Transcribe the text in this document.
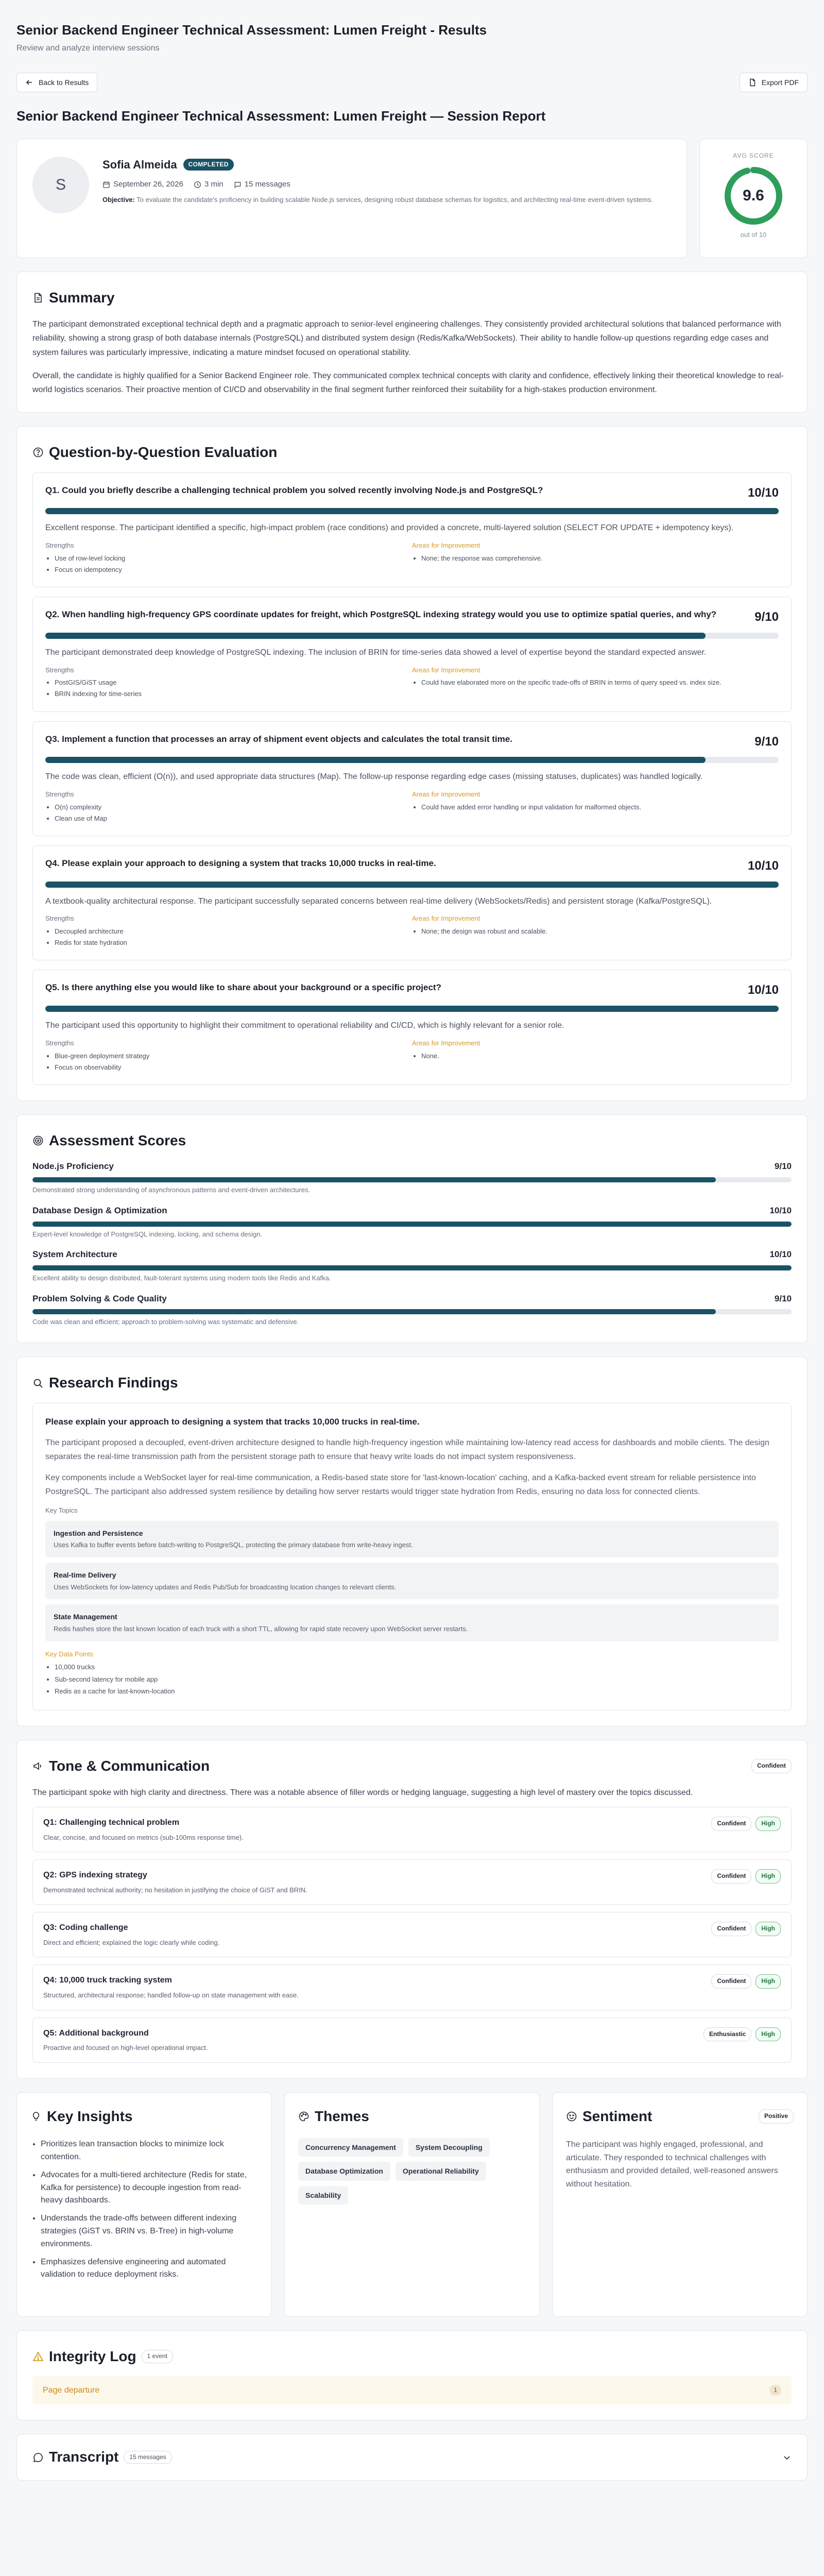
Senior Backend Engineer Technical Assessment: Lumen Freight - Results
Review and analyze interview sessions
Back to Results	Export PDF
Senior Backend Engineer Technical Assessment: Lumen Freight — Session Report
S
Sofia Almeida	COMPLETED
September 26, 2026	3 min	15 messages
Objective: To evaluate the candidate's proficiency in building scalable Node.js services, designing robust database schemas for logistics, and architecting real-time event-driven systems.
AVG SCORE
9.6
out of 10
Summary
The participant demonstrated exceptional technical depth and a pragmatic approach to senior-level engineering challenges. They consistently provided architectural solutions that balanced performance with reliability, showing a strong grasp of both database internals (PostgreSQL) and distributed system design (Redis/Kafka/WebSockets). Their ability to handle follow-up questions regarding edge cases and system failures was particularly impressive, indicating a mature mindset focused on operational stability.
Overall, the candidate is highly qualified for a Senior Backend Engineer role. They communicated complex technical concepts with clarity and confidence, effectively linking their theoretical knowledge to real-world logistics scenarios. Their proactive mention of CI/CD and observability in the final segment further reinforced their suitability for a high-stakes production environment.
Question-by-Question Evaluation
Q1. Could you briefly describe a challenging technical problem you solved recently involving Node.js and PostgreSQL?	10/10
Excellent response. The participant identified a specific, high-impact problem (race conditions) and provided a concrete, multi-layered solution (SELECT FOR UPDATE + idempotency keys).
Strengths
• Use of row-level locking
• Focus on idempotency
Areas for Improvement
• None; the response was comprehensive.
Q2. When handling high-frequency GPS coordinate updates for freight, which PostgreSQL indexing strategy would you use to optimize spatial queries, and why?	9/10
The participant demonstrated deep knowledge of PostgreSQL indexing. The inclusion of BRIN for time-series data showed a level of expertise beyond the standard expected answer.
Strengths
• PostGIS/GiST usage
• BRIN indexing for time-series
Areas for Improvement
• Could have elaborated more on the specific trade-offs of BRIN in terms of query speed vs. index size.
Q3. Implement a function that processes an array of shipment event objects and calculates the total transit time.	9/10
The code was clean, efficient (O(n)), and used appropriate data structures (Map). The follow-up response regarding edge cases (missing statuses, duplicates) was handled logically.
Strengths
• O(n) complexity
• Clean use of Map
Areas for Improvement
• Could have added error handling or input validation for malformed objects.
Q4. Please explain your approach to designing a system that tracks 10,000 trucks in real-time.	10/10
A textbook-quality architectural response. The participant successfully separated concerns between real-time delivery (WebSockets/Redis) and persistent storage (Kafka/PostgreSQL).
Strengths
• Decoupled architecture
• Redis for state hydration
Areas for Improvement
• None; the design was robust and scalable.
Q5. Is there anything else you would like to share about your background or a specific project?	10/10
The participant used this opportunity to highlight their commitment to operational reliability and CI/CD, which is highly relevant for a senior role.
Strengths
• Blue-green deployment strategy
• Focus on observability
Areas for Improvement
• None.
Assessment Scores
Node.js Proficiency	9/10
Demonstrated strong understanding of asynchronous patterns and event-driven architectures.
Database Design & Optimization	10/10
Expert-level knowledge of PostgreSQL indexing, locking, and schema design.
System Architecture	10/10
Excellent ability to design distributed, fault-tolerant systems using modern tools like Redis and Kafka.
Problem Solving & Code Quality	9/10
Code was clean and efficient; approach to problem-solving was systematic and defensive.
Research Findings
Please explain your approach to designing a system that tracks 10,000 trucks in real-time.
The participant proposed a decoupled, event-driven architecture designed to handle high-frequency ingestion while maintaining low-latency read access for dashboards and mobile clients. The design separates the real-time transmission path from the persistent storage path to ensure that heavy write loads do not impact system responsiveness.
Key components include a WebSocket layer for real-time communication, a Redis-based state store for 'last-known-location' caching, and a Kafka-backed event stream for reliable persistence into PostgreSQL. The participant also addressed system resilience by detailing how server restarts would trigger state hydration from Redis, ensuring no data loss for connected clients.
Key Topics
Ingestion and Persistence
Uses Kafka to buffer events before batch-writing to PostgreSQL, protecting the primary database from write-heavy ingest.
Real-time Delivery
Uses WebSockets for low-latency updates and Redis Pub/Sub for broadcasting location changes to relevant clients.
State Management
Redis hashes store the last known location of each truck with a short TTL, allowing for rapid state recovery upon WebSocket server restarts.
Key Data Points
• 10,000 trucks
• Sub-second latency for mobile app
• Redis as a cache for last-known-location
Tone & Communication	Confident
The participant spoke with high clarity and directness. There was a notable absence of filler words or hedging language, suggesting a high level of mastery over the topics discussed.
Q1: Challenging technical problem
Clear, concise, and focused on metrics (sub-100ms response time).
Confident	High
Q2: GPS indexing strategy
Demonstrated technical authority; no hesitation in justifying the choice of GiST and BRIN.
Confident	High
Q3: Coding challenge
Direct and efficient; explained the logic clearly while coding.
Confident	High
Q4: 10,000 truck tracking system
Structured, architectural response; handled follow-up on state management with ease.
Confident	High
Q5: Additional background
Proactive and focused on high-level operational impact.
Enthusiastic	High
Key Insights
• Prioritizes lean transaction blocks to minimize lock contention.
• Advocates for a multi-tiered architecture (Redis for state, Kafka for persistence) to decouple ingestion from read-heavy dashboards.
• Understands the trade-offs between different indexing strategies (GiST vs. BRIN vs. B-Tree) in high-volume environments.
• Emphasizes defensive engineering and automated validation to reduce deployment risks.
Themes
Concurrency Management	System Decoupling
Database Optimization	Operational Reliability
Scalability
Sentiment	Positive
The participant was highly engaged, professional, and articulate. They responded to technical challenges with enthusiasm and provided detailed, well-reasoned answers without hesitation.
Integrity Log	1 event
Page departure	1
Transcript	15 messages
